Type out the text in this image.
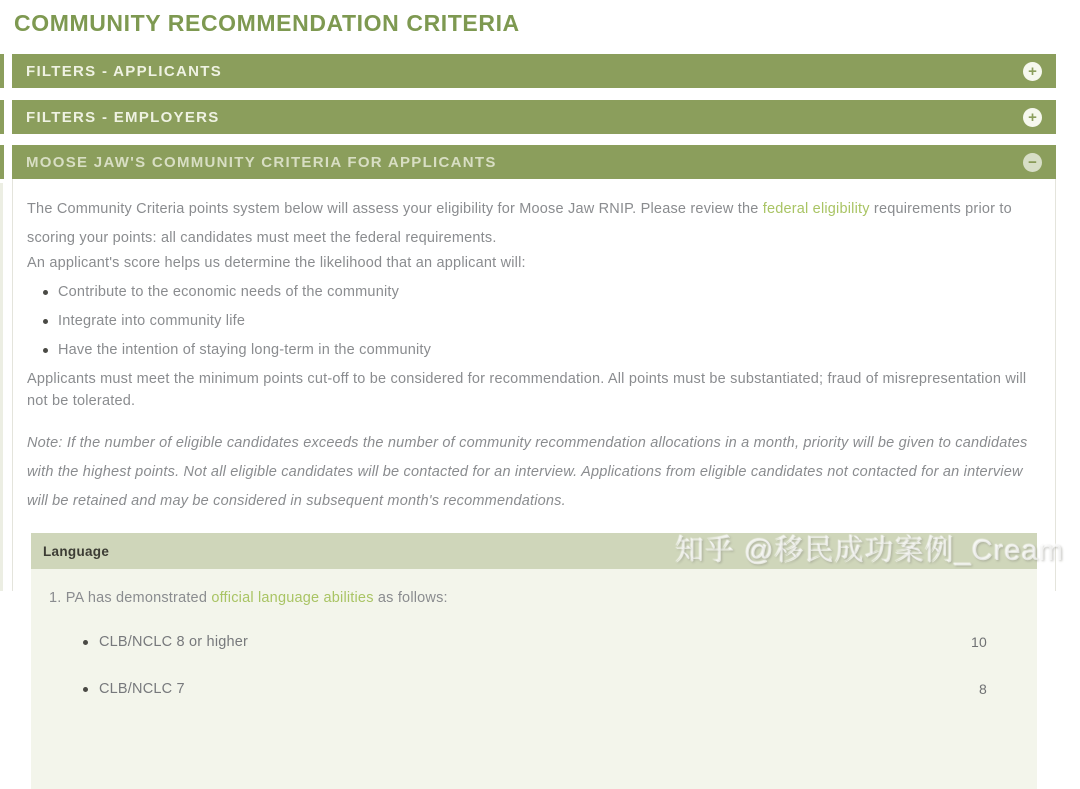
COMMUNITY RECOMMENDATION CRITERIA
FILTERS - APPLICANTS	+
FILTERS - EMPLOYERS	+
MOOSE JAW'S COMMUNITY CRITERIA FOR APPLICANTS	−

The Community Criteria points system below will assess your eligibility for Moose Jaw RNIP. Please review the federal eligibility requirements prior to scoring your points: all candidates must meet the federal requirements.

An applicant's score helps us determine the likelihood that an applicant will:

Contribute to the economic needs of the community
Integrate into community life
Have the intention of staying long-term in the community

Applicants must meet the minimum points cut-off to be considered for recommendation. All points must be substantiated; fraud of misrepresentation will not be tolerated.

Note: If the number of eligible candidates exceeds the number of community recommendation allocations in a month, priority will be given to candidates with the highest points. Not all eligible candidates will be contacted for an interview. Applications from eligible candidates not contacted for an interview will be retained and may be considered in subsequent month's recommendations.

Language
1. PA has demonstrated official language abilities as follows:
CLB/NCLC 8 or higher	10
CLB/NCLC 7	8
知乎 @移民成功案例_Cream
